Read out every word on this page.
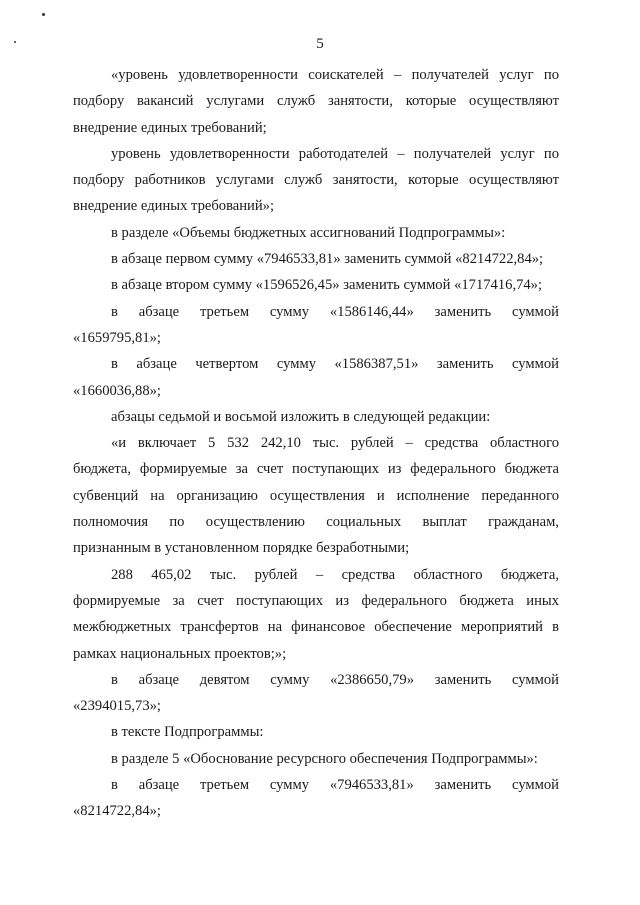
5
«уровень удовлетворенности соискателей – получателей услуг по
подбору вакансий услугами служб занятости, которые осуществляют
внедрение единых требований;
уровень удовлетворенности работодателей – получателей услуг по
подбору работников услугами служб занятости, которые осуществляют
внедрение единых требований»;
в разделе «Объемы бюджетных ассигнований Подпрограммы»:
в абзаце первом сумму «7946533,81» заменить суммой «8214722,84»;
в абзаце втором сумму «1596526,45» заменить суммой «1717416,74»;
в абзаце третьем сумму «1586146,44» заменить суммой
«1659795,81»;
в абзаце четвертом сумму «1586387,51» заменить суммой
«1660036,88»;
абзацы седьмой и восьмой изложить в следующей редакции:
«и включает 5 532 242,10 тыс. рублей – средства областного
бюджета, формируемые за счет поступающих из федерального бюджета
субвенций на организацию осуществления и исполнение переданного
полномочия по осуществлению социальных выплат гражданам,
признанным в установленном порядке безработными;
288 465,02 тыс. рублей – средства областного бюджета,
формируемые за счет поступающих из федерального бюджета иных
межбюджетных трансфертов на финансовое обеспечение мероприятий в
рамках национальных проектов;»;
в абзаце девятом сумму «2386650,79» заменить суммой
«2394015,73»;
в тексте Подпрограммы:
в разделе 5 «Обоснование ресурсного обеспечения Подпрограммы»:
в абзаце третьем сумму «7946533,81» заменить суммой
«8214722,84»;
